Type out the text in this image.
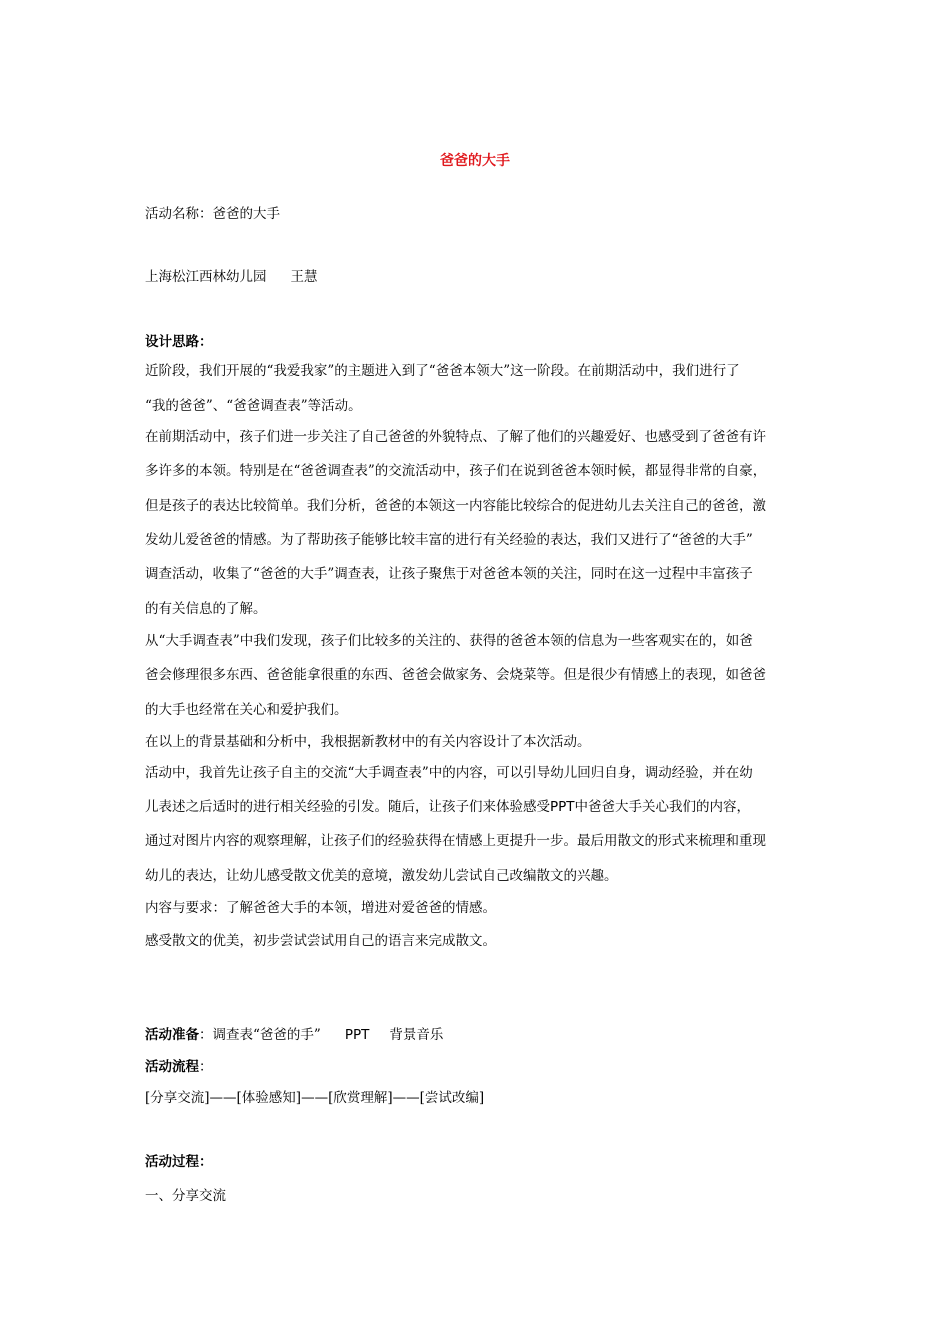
爸爸的大手
活动名称：爸爸的大手
上海松江西林幼儿园 王慧
设计思路：
近阶段，我们开展的“我爱我家”的主题进入到了“爸爸本领大”这一阶段。在前期活动中，我们进行了
“我的爸爸”、“爸爸调查表”等活动。
在前期活动中，孩子们进一步关注了自己爸爸的外貌特点、了解了他们的兴趣爱好、也感受到了爸爸有许
多许多的本领。特别是在“爸爸调查表”的交流活动中，孩子们在说到爸爸本领时候，都显得非常的自豪，
但是孩子的表达比较简单。我们分析，爸爸的本领这一内容能比较综合的促进幼儿去关注自己的爸爸，激
发幼儿爱爸爸的情感。为了帮助孩子能够比较丰富的进行有关经验的表达，我们又进行了“爸爸的大手”
调查活动，收集了“爸爸的大手”调查表，让孩子聚焦于对爸爸本领的关注，同时在这一过程中丰富孩子
的有关信息的了解。
从“大手调查表”中我们发现，孩子们比较多的关注的、获得的爸爸本领的信息为一些客观实在的，如爸
爸会修理很多东西、爸爸能拿很重的东西、爸爸会做家务、会烧菜等。但是很少有情感上的表现，如爸爸
的大手也经常在关心和爱护我们。
在以上的背景基础和分析中，我根据新教材中的有关内容设计了本次活动。
活动中，我首先让孩子自主的交流“大手调查表”中的内容，可以引导幼儿回归自身，调动经验，并在幼
儿表述之后适时的进行相关经验的引发。随后，让孩子们来体验感受PPT中爸爸大手关心我们的内容，
通过对图片内容的观察理解，让孩子们的经验获得在情感上更提升一步。最后用散文的形式来梳理和重现
幼儿的表达，让幼儿感受散文优美的意境，激发幼儿尝试自己改编散文的兴趣。
内容与要求：了解爸爸大手的本领，增进对爱爸爸的情感。
感受散文的优美，初步尝试尝试用自己的语言来完成散文。
活动准备：调查表“爸爸的手” PPT 背景音乐
活动流程：
[分享交流]——[体验感知]——[欣赏理解]——[尝试改编]
活动过程：
一、分享交流
